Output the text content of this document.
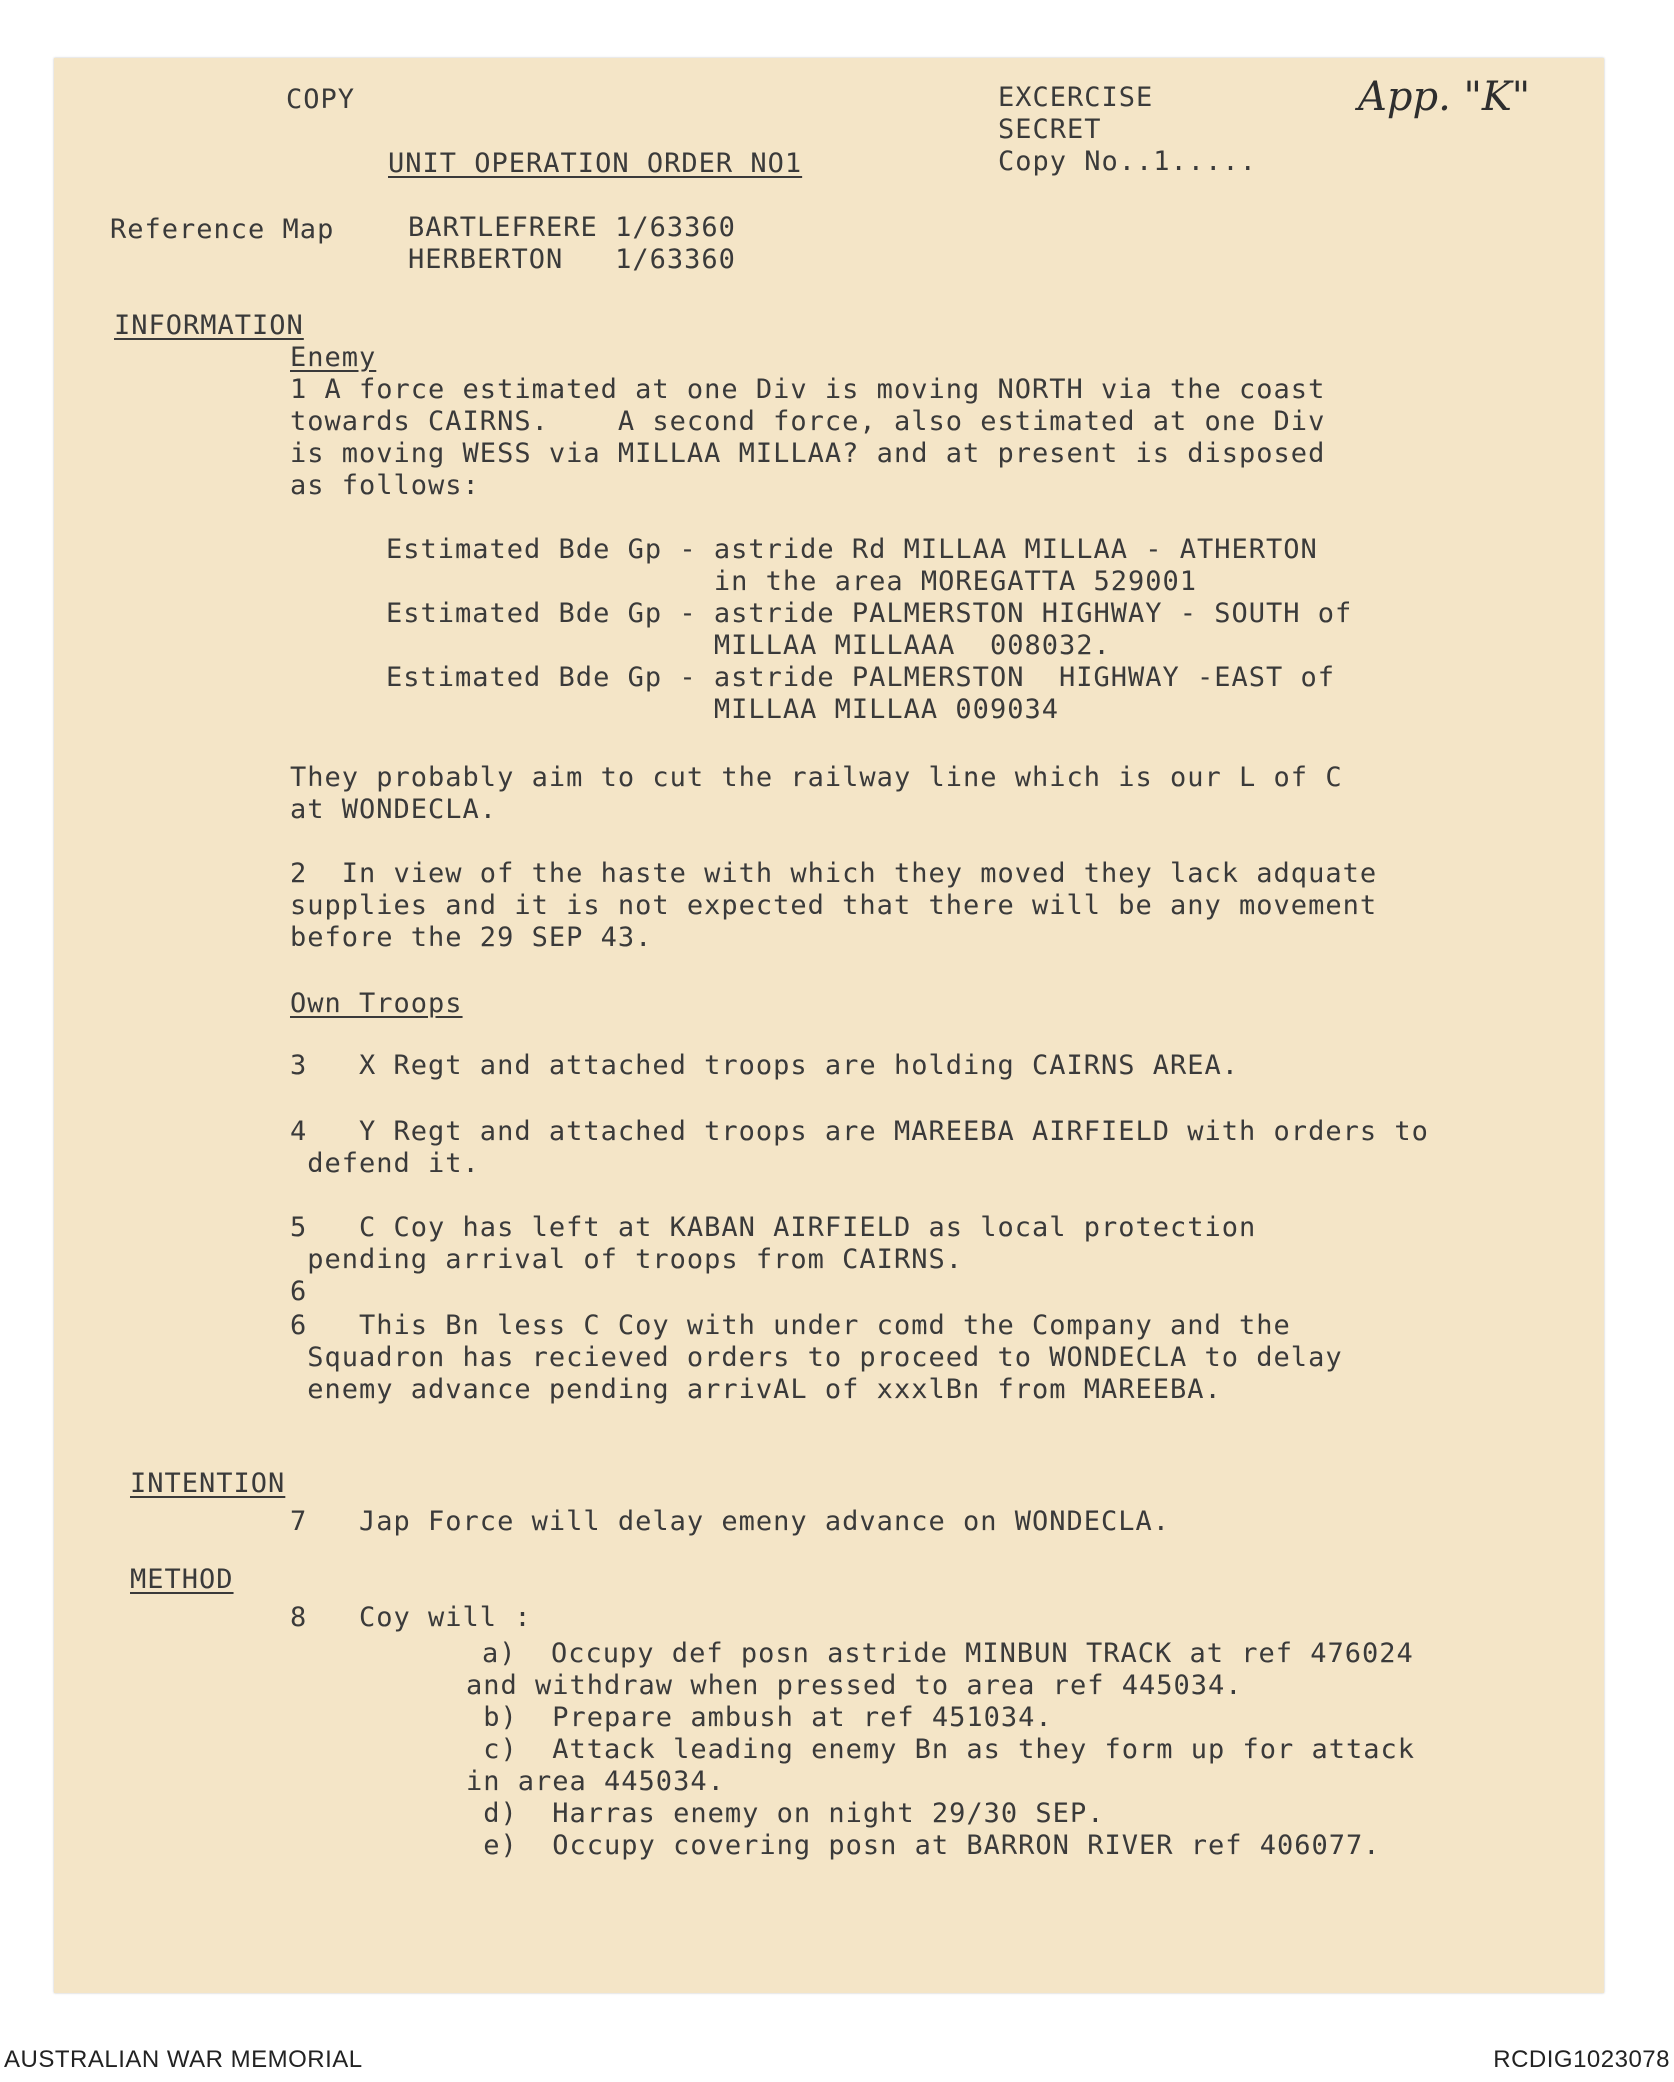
COPY	EXCERCISE
SECRET
Copy No..1.....
App. "K"
UNIT OPERATION ORDER NO1
Reference Map	BARTLEFRERE 1/63360
HERBERTON   1/63360
INFORMATION
Enemy
1 A force estimated at one Div is moving NORTH via the coast
towards CAIRNS.    A second force, also estimated at one Div
is moving WESS via MILLAA MILLAA? and at present is disposed
as follows:
Estimated Bde Gp - astride Rd MILLAA MILLAA - ATHERTON
in the area MOREGATTA 529001
Estimated Bde Gp - astride PALMERSTON HIGHWAY - SOUTH of
MILLAA MILLAAA  008032.
Estimated Bde Gp - astride PALMERSTON  HIGHWAY -EAST of
MILLAA MILLAA 009034
They probably aim to cut the railway line which is our L of C
at WONDECLA.
2  In view of the haste with which they moved they lack adquate
supplies and it is not expected that there will be any movement
before the 29 SEP 43.
Own Troops
3   X Regt and attached troops are holding CAIRNS AREA.
4   Y Regt and attached troops are MAREEBA AIRFIELD with orders to
defend it.
5   C Coy has left at KABAN AIRFIELD as local protection
pending arrival of troops from CAIRNS.
6
6   This Bn less C Coy with under comd the Company and the
Squadron has recieved orders to proceed to WONDECLA to delay
enemy advance pending arrivAL of xxxlBn from MAREEBA.
INTENTION
7   Jap Force will delay emeny advance on WONDECLA.
METHOD
8   Coy will :
a)  Occupy def posn astride MINBUN TRACK at ref 476024
and withdraw when pressed to area ref 445034.
b)  Prepare ambush at ref 451034.
c)  Attack leading enemy Bn as they form up for attack
in area 445034.
d)  Harras enemy on night 29/30 SEP.
e)  Occupy covering posn at BARRON RIVER ref 406077.
AUSTRALIAN WAR MEMORIAL	RCDIG1023078
